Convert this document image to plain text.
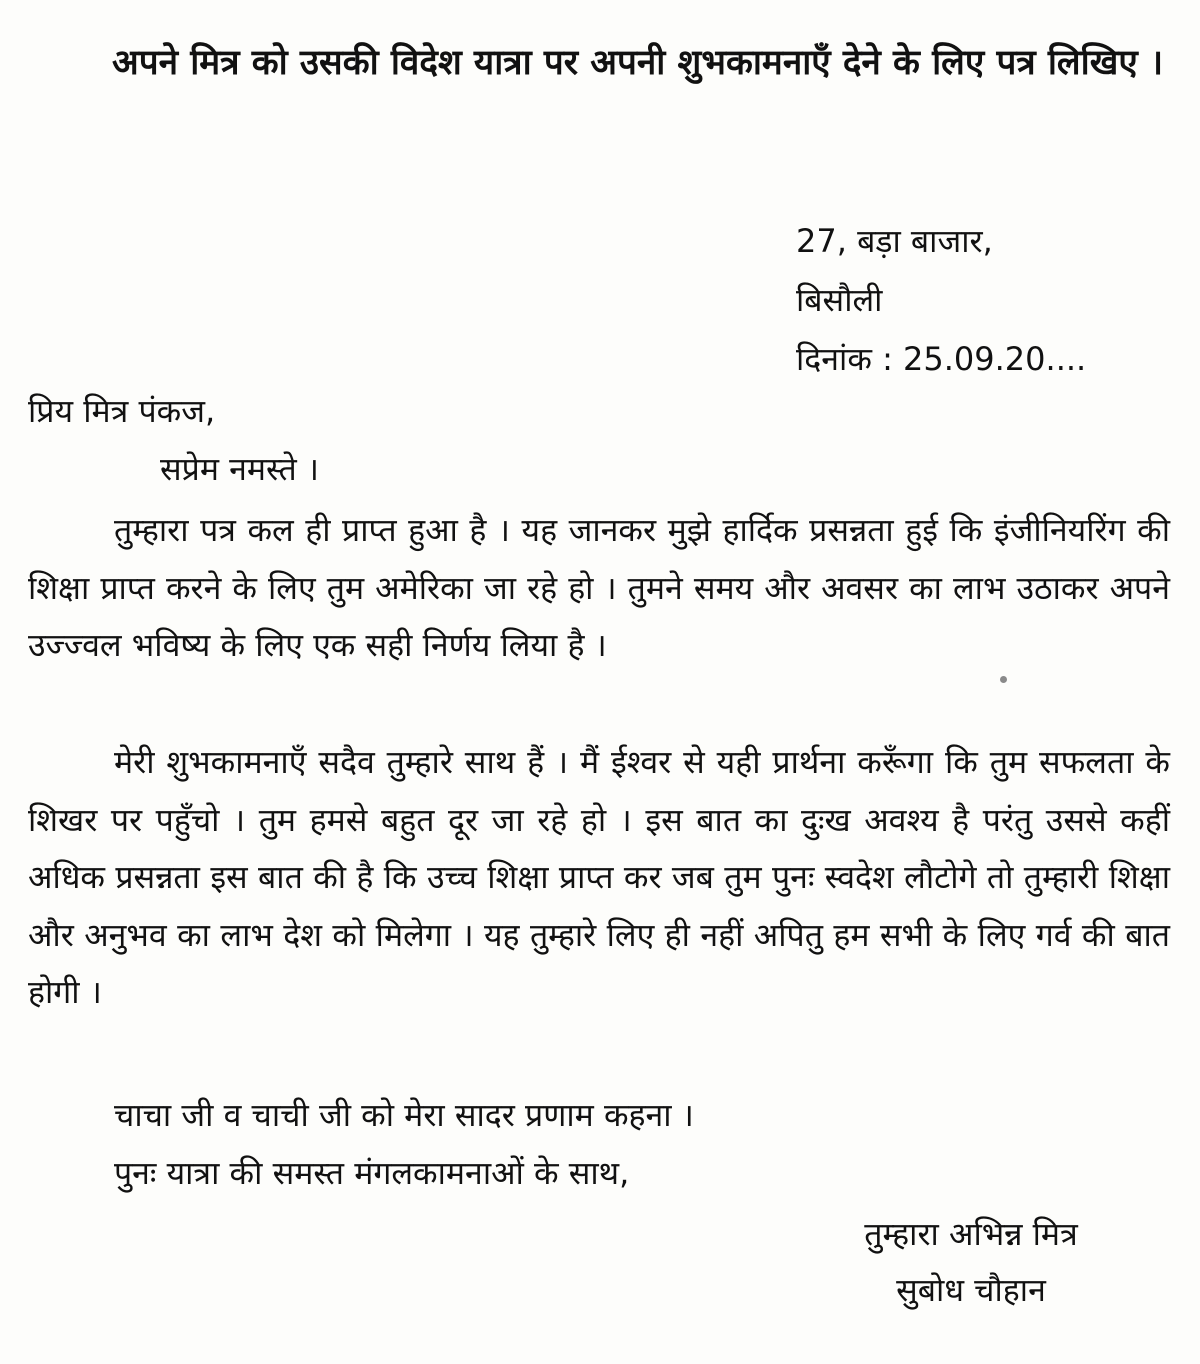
अपने मित्र को उसकी विदेश यात्रा पर अपनी शुभकामनाएँ देने के लिए पत्र लिखिए ।
27, बड़ा बाजार,
बिसौली
दिनांक : 25.09.20....
प्रिय मित्र पंकज,
सप्रेम नमस्ते ।
तुम्हारा पत्र कल ही प्राप्त हुआ है । यह जानकर मुझे हार्दिक प्रसन्नता हुई कि इंजीनियरिंग की शिक्षा प्राप्त करने के लिए तुम अमेरिका जा रहे हो । तुमने समय और अवसर का लाभ उठाकर अपने उज्ज्वल भविष्य के लिए एक सही निर्णय लिया है ।
मेरी शुभकामनाएँ सदैव तुम्हारे साथ हैं । मैं ईश्वर से यही प्रार्थना करूँगा कि तुम सफलता के शिखर पर पहुँचो । तुम हमसे बहुत दूर जा रहे हो । इस बात का दुःख अवश्य है परंतु उससे कहीं अधिक प्रसन्नता इस बात की है कि उच्च शिक्षा प्राप्त कर जब तुम पुनः स्वदेश लौटोगे तो तुम्हारी शिक्षा और अनुभव का लाभ देश को मिलेगा । यह तुम्हारे लिए ही नहीं अपितु हम सभी के लिए गर्व की बात होगी ।
चाचा जी व चाची जी को मेरा सादर प्रणाम कहना ।
पुनः यात्रा की समस्त मंगलकामनाओं के साथ,
तुम्हारा अभिन्न मित्र
सुबोध चौहान
